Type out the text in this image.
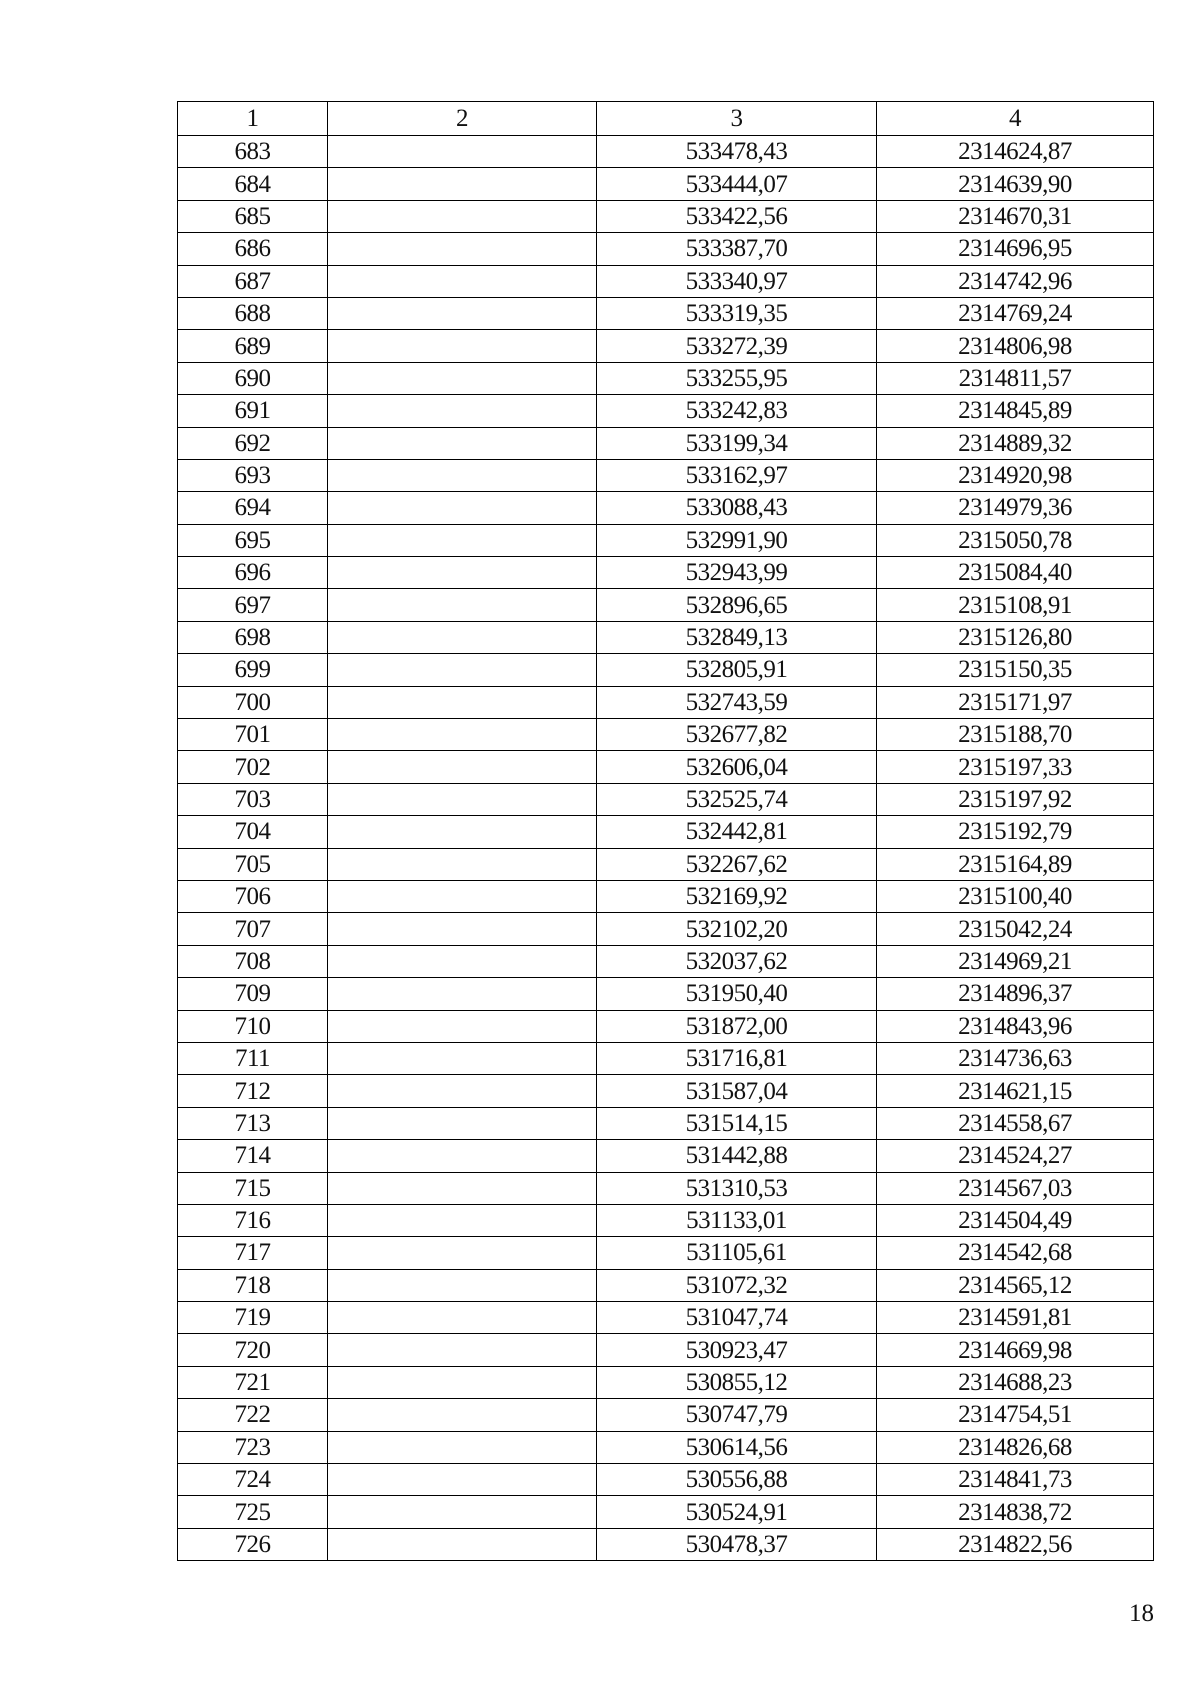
1	2	3	4
683		533478,43	2314624,87
684		533444,07	2314639,90
685		533422,56	2314670,31
686		533387,70	2314696,95
687		533340,97	2314742,96
688		533319,35	2314769,24
689		533272,39	2314806,98
690		533255,95	2314811,57
691		533242,83	2314845,89
692		533199,34	2314889,32
693		533162,97	2314920,98
694		533088,43	2314979,36
695		532991,90	2315050,78
696		532943,99	2315084,40
697		532896,65	2315108,91
698		532849,13	2315126,80
699		532805,91	2315150,35
700		532743,59	2315171,97
701		532677,82	2315188,70
702		532606,04	2315197,33
703		532525,74	2315197,92
704		532442,81	2315192,79
705		532267,62	2315164,89
706		532169,92	2315100,40
707		532102,20	2315042,24
708		532037,62	2314969,21
709		531950,40	2314896,37
710		531872,00	2314843,96
711		531716,81	2314736,63
712		531587,04	2314621,15
713		531514,15	2314558,67
714		531442,88	2314524,27
715		531310,53	2314567,03
716		531133,01	2314504,49
717		531105,61	2314542,68
718		531072,32	2314565,12
719		531047,74	2314591,81
720		530923,47	2314669,98
721		530855,12	2314688,23
722		530747,79	2314754,51
723		530614,56	2314826,68
724		530556,88	2314841,73
725		530524,91	2314838,72
726		530478,37	2314822,56
18
